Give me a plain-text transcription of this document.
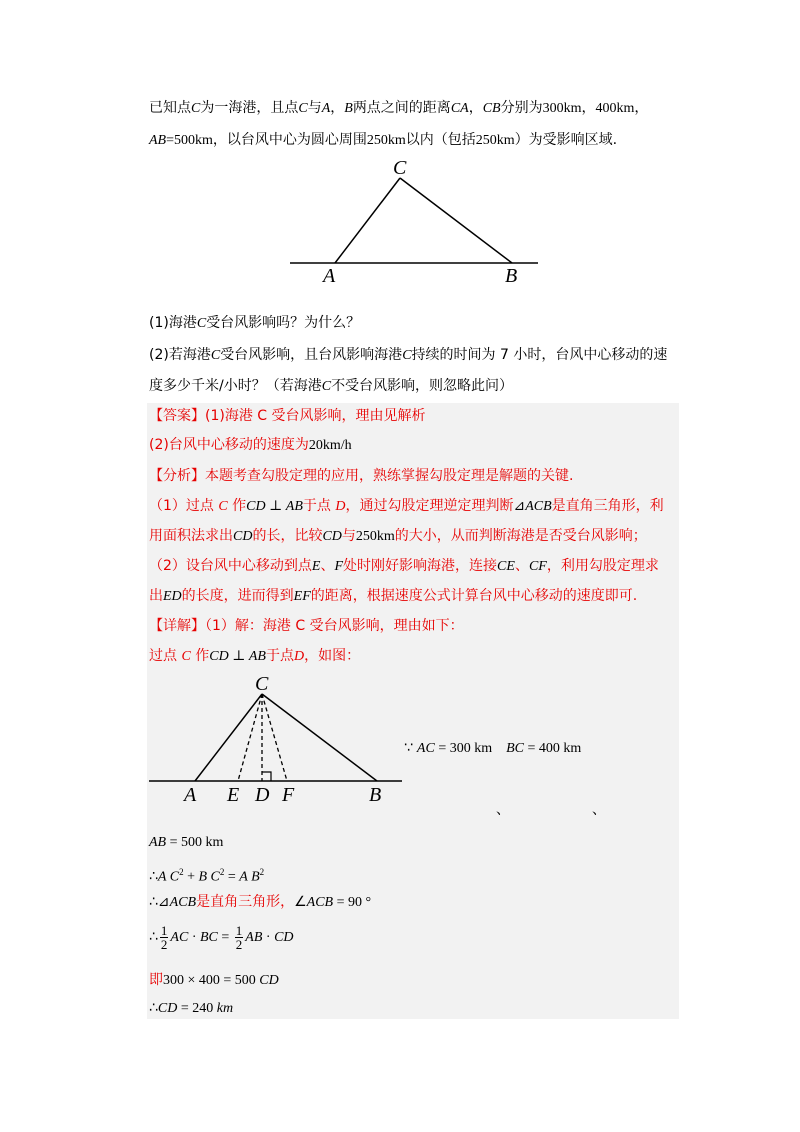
已知点C为一海港，且点C与A，B两点之间的距离CA，CB分别为300km，400km，
AB=500km，以台风中心为圆心周围250km以内（包括250km）为受影响区域.
C
A	B
(1)海港C受台风影响吗？为什么？
(2)若海港C受台风影响，且台风影响海港C持续的时间为 7 小时，台风中心移动的速
度多少千米/小时？（若海港C不受台风影响，则忽略此问）
【答案】(1)海港 C 受台风影响，理由见解析
(2)台风中心移动的速度为20km/h
【分析】本题考查勾股定理的应用，熟练掌握勾股定理是解题的关键.
（1）过点 C 作CD ⊥ AB于点 D，通过勾股定理逆定理判断⊿ACB是直角三角形，利
用面积法求出CD的长，比较CD与250km的大小，从而判断海港是否受台风影响；
（2）设台风中心移动到点E、F处时刚好影响海港，连接CE、CF，利用勾股定理求
出ED的长度，进而得到EF的距离，根据速度公式计算台风中心移动的速度即可.
【详解】（1）解：海港 C 受台风影响，理由如下：
过点 C 作CD ⊥ AB于点D，如图：
C
A E D F	B
∵ AC = 300 km BC = 400 km
、	、
AB = 500 km
∴A $C^2 + B$ $C^2 = A$ $B^2$
∴⊿ACB是直角三角形，∠ACB = 90 °
∴ $\frac{1}{2}$ AC · BC = $\frac{1}{2}$ AB · CD
即300 × 400 = 500 CD
∴CD = 240 km
